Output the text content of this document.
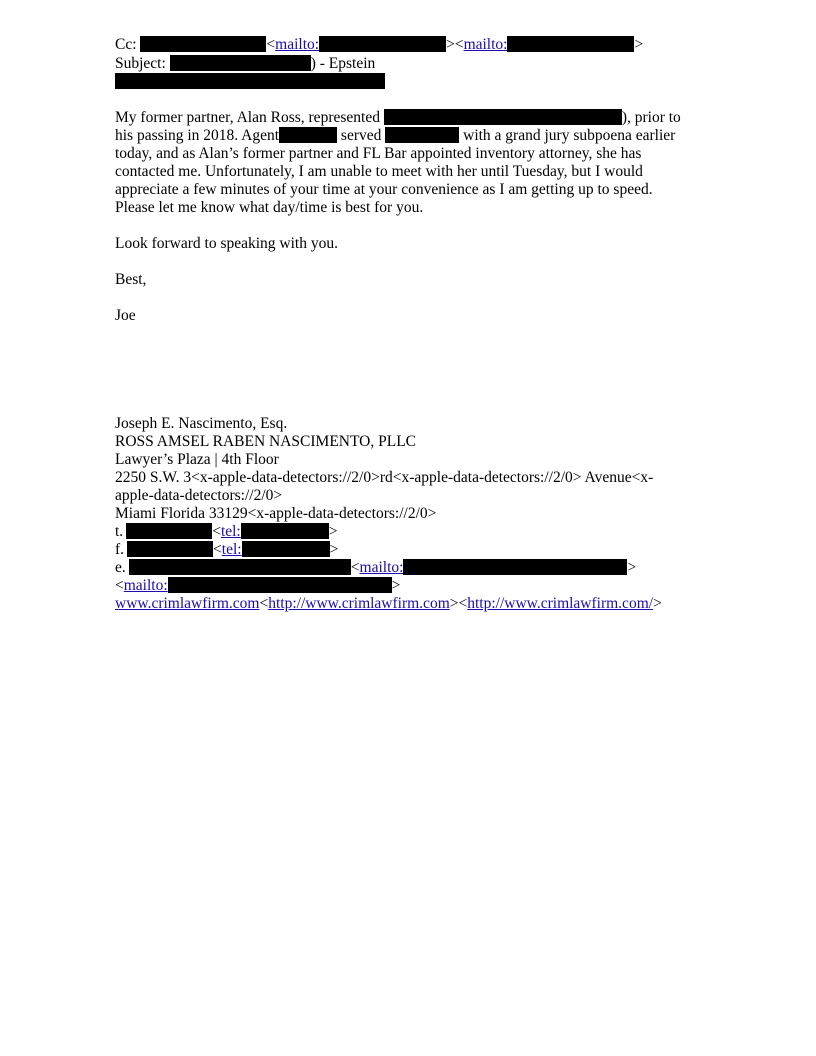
Cc:	<mailto:	><mailto:	>
Subject:	) - Epstein
My former partner, Alan Ross, represented	), prior to
his passing in 2018. Agent	served	with a grand jury subpoena earlier
today, and as Alan’s former partner and FL Bar appointed inventory attorney, she has
contacted me. Unfortunately, I am unable to meet with her until Tuesday, but I would
appreciate a few minutes of your time at your convenience as I am getting up to speed.
Please let me know what day/time is best for you.
Look forward to speaking with you.
Best,
Joe
Joseph E. Nascimento, Esq.
ROSS AMSEL RABEN NASCIMENTO, PLLC
Lawyer’s Plaza | 4th Floor
2250 S.W. 3<x-apple-data-detectors://2/0>rd<x-apple-data-detectors://2/0> Avenue<x-
apple-data-detectors://2/0>
Miami Florida 33129<x-apple-data-detectors://2/0>
t.	<tel:	>
f.	<tel:	>
e.	<mailto:	>
<mailto:	>
www.crimlawfirm.com<http://www.crimlawfirm.com><http://www.crimlawfirm.com/>
